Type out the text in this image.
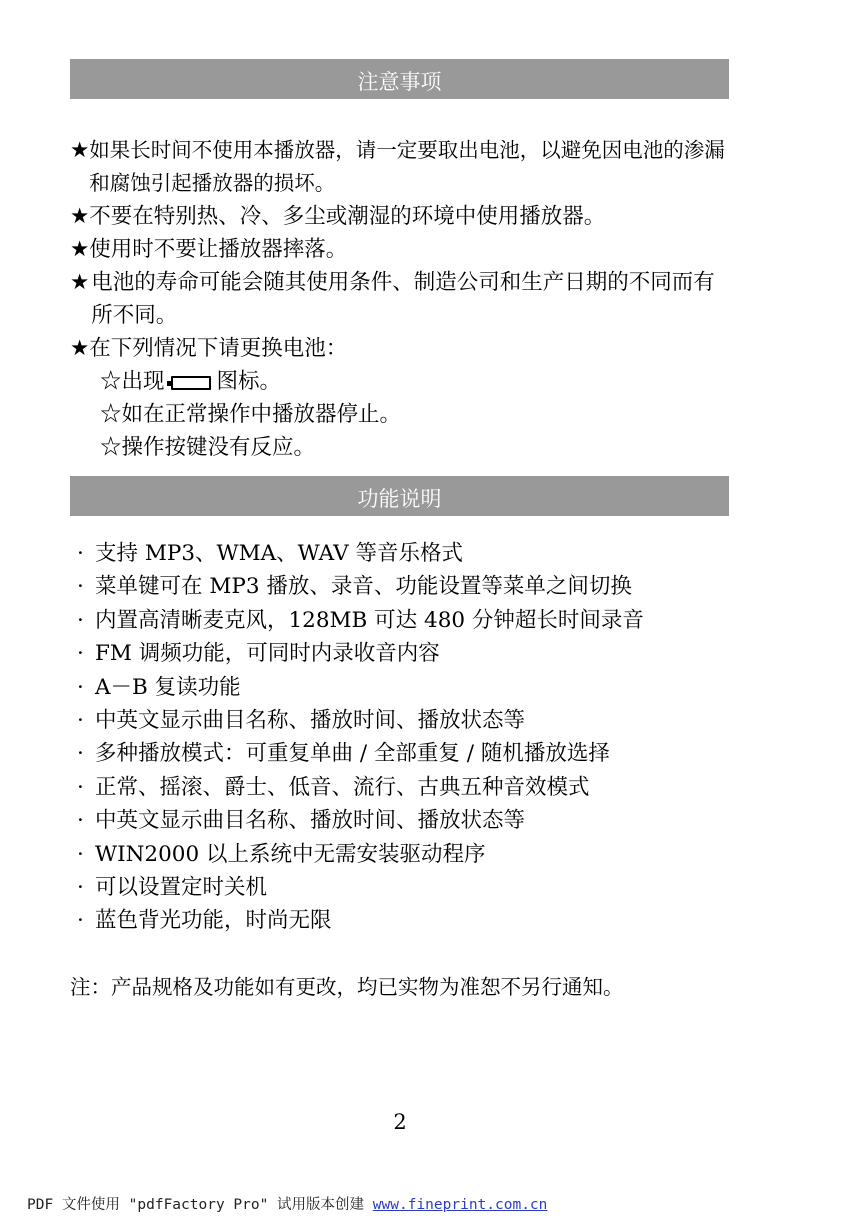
注意事项
★ 如果长时间不使用本播放器，请一定要取出电池，以避免因电池的渗漏和腐蚀引起播放器的损坏。
★ 不要在特别热、冷、多尘或潮湿的环境中使用播放器。
★ 使用时不要让播放器摔落。
★ 电池的寿命可能会随其使用条件、制造公司和生产日期的不同而有所不同。
★ 在下列情况下请更换电池：
☆出现 图标。
☆如在正常操作中播放器停止。
☆操作按键没有反应。
功能说明
· 支持 MP3、WMA、WAV 等音乐格式
· 菜单键可在 MP3 播放、录音、功能设置等菜单之间切换
· 内置高清晰麦克风，128MB 可达 480 分钟超长时间录音
· FM 调频功能，可同时内录收音内容
· A－B 复读功能
· 中英文显示曲目名称、播放时间、播放状态等
· 多种播放模式：可重复单曲 / 全部重复 / 随机播放选择
· 正常、摇滚、爵士、低音、流行、古典五种音效模式
· 中英文显示曲目名称、播放时间、播放状态等
· WIN2000 以上系统中无需安装驱动程序
· 可以设置定时关机
· 蓝色背光功能，时尚无限
注：产品规格及功能如有更改，均已实物为准恕不另行通知。
2
PDF 文件使用 "pdfFactory Pro" 试用版本创建 www.fineprint.com.cn
